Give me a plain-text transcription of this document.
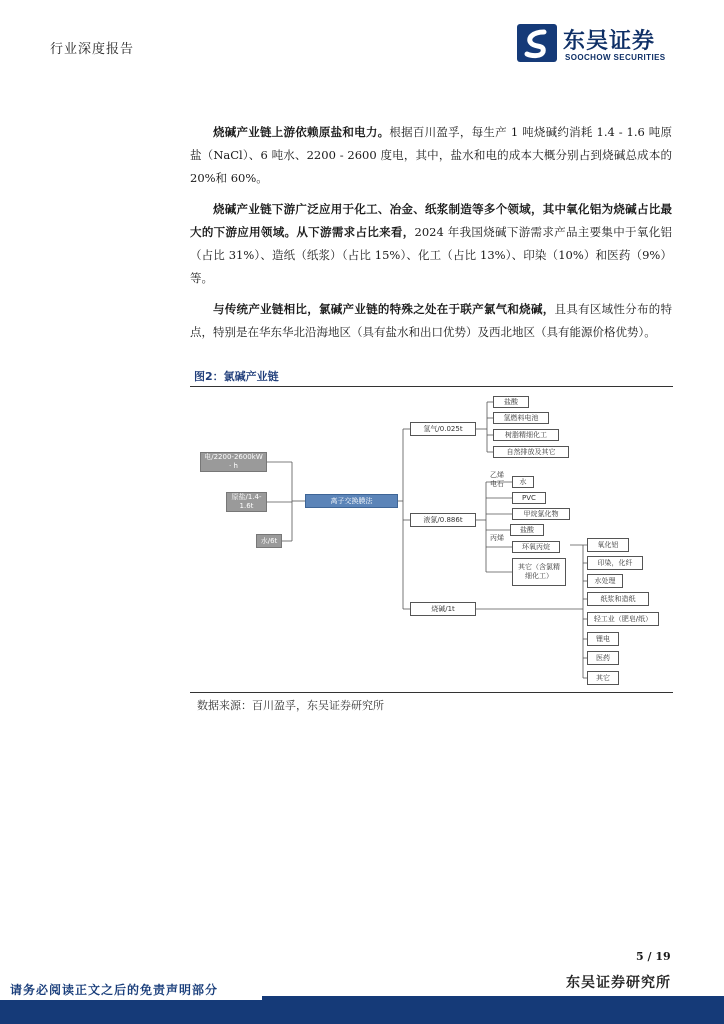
行业深度报告	东吴证券
SOOCHOW SECURITIES

烧碱产业链上游依赖原盐和电力。根据百川盈孚，每生产 1 吨烧碱约消耗 1.4 - 1.6 吨原盐（NaCl）、6 吨水、2200 - 2600 度电，其中，盐水和电的成本大概分别占到烧碱总成本的 20%和 60%。

烧碱产业链下游广泛应用于化工、冶金、纸浆制造等多个领域，其中氧化铝为烧碱占比最大的下游应用领域。从下游需求占比来看，2024 年我国烧碱下游需求产品主要集中于氧化铝（占比 31%）、造纸（纸浆）（占比 15%）、化工（占比 13%）、印染（10%）和医药（9%）等。

与传统产业链相比，氯碱产业链的特殊之处在于联产氯气和烧碱，且具有区域性分布的特点，特别是在华东华北沿海地区（具有盐水和出口优势）及西北地区（具有能源价格优势）。

图2：氯碱产业链
电/2200-2600kW · h
原盐/1.4-1.6t
水/6t
离子交换膜法
氢气/0.025t
液氯/0.886t
烧碱/1t
盐酸
氢燃料电池
树脂精细化工
自然排放及其它
乙烯
电石
丙烯
水
PVC
甲烷氯化物
盐酸
环氧丙烷
其它（含氯精细化工）
氧化铝
印染，化纤
水处理
纸浆和造纸
轻工业（肥皂/纸）
锂电
医药
其它
数据来源：百川盈孚，东吴证券研究所
5 / 19
东吴证券研究所
请务必阅读正文之后的免责声明部分
